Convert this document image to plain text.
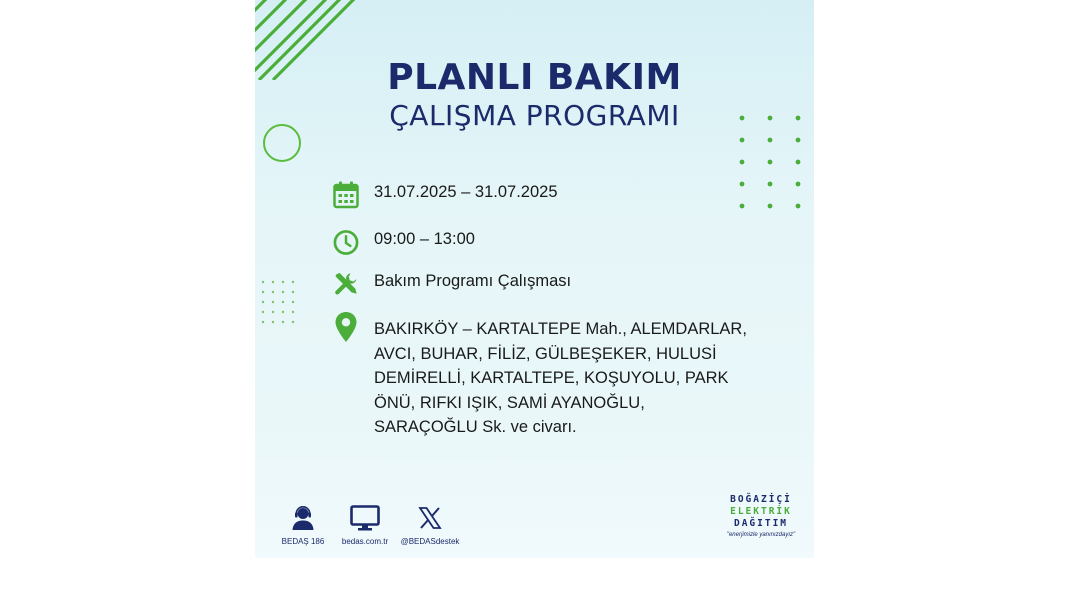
PLANLI BAKIM
ÇALIŞMA PROGRAMI
31.07.2025 – 31.07.2025
09:00 – 13:00
Bakım Programı Çalışması
BAKIRKÖY – KARTALTEPE Mah., ALEMDARLAR,
AVCI, BUHAR, FİLİZ, GÜLBEŞEKER, HULUSİ
DEMİRELLİ, KARTALTEPE, KOŞUYOLU, PARK
ÖNÜ, RIFKI IŞIK, SAMİ AYANOĞLU,
SARAÇOĞLU Sk. ve civarı.
BEDAŞ 186	bedas.com.tr	@BEDASdestek
BOĞAZİÇİ
ELEKTRİK
DAĞITIM
"enerjimizle yanınızdayız"
